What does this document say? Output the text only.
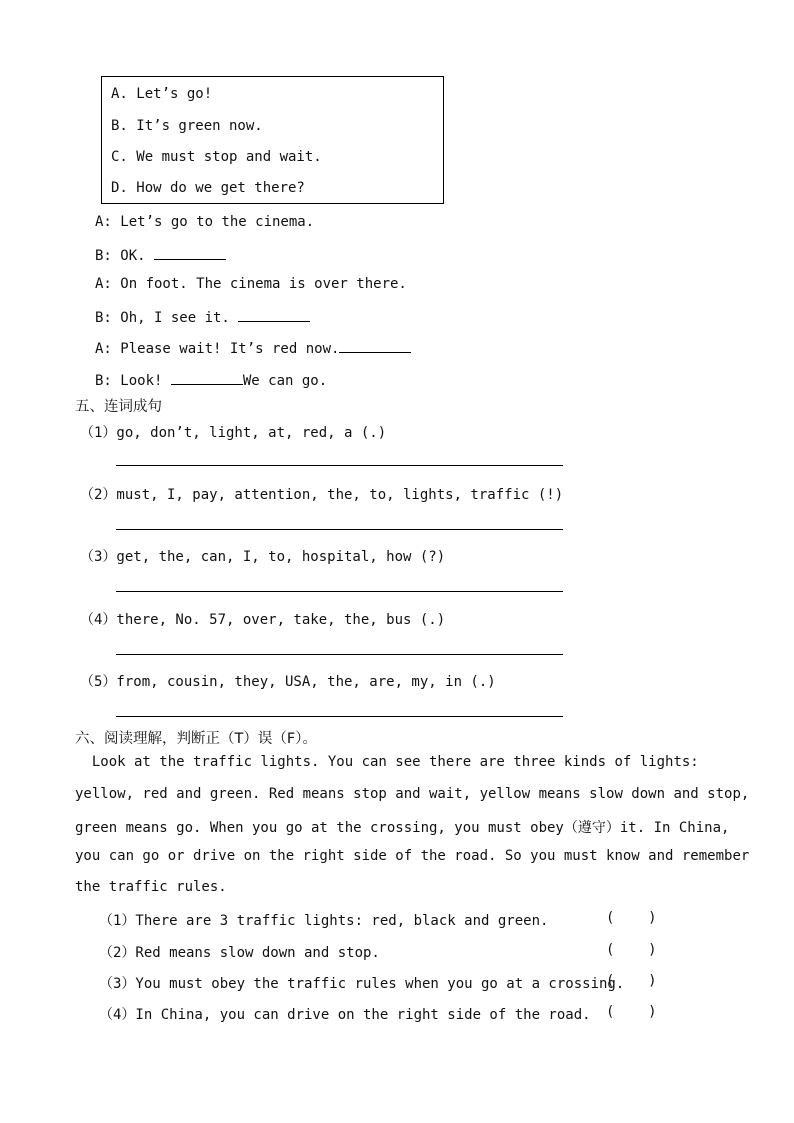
A. Let’s go!
B. It’s green now.
C. We must stop and wait.
D. How do we get there?
A: Let’s go to the cinema.
B: OK.
A: On foot. The cinema is over there.
B: Oh, I see it.
A: Please wait! It’s red now.
B: Look!	We can go.
五、连词成句
（1）go, don’t, light, at, red, a (.)
（2）must, I, pay, attention, the, to, lights, traffic (!)
（3）get, the, can, I, to, hospital, how (?)
（4）there, No. 57, over, take, the, bus (.)
（5）from, cousin, they, USA, the, are, my, in (.)
六、阅读理解，判断正（T）误（F）。
Look at the traffic lights. You can see there are three kinds of lights:
yellow, red and green. Red means stop and wait, yellow means slow down and stop,
green means go. When you go at the crossing, you must obey（遵守）it. In China,
you can go or drive on the right side of the road. So you must know and remember
the traffic rules.
（1）There are 3 traffic lights: red, black and green.	(    )
（2）Red means slow down and stop.	(    )
（3）You must obey the traffic rules when you go at a crossing.
(    )
（4）In China, you can drive on the right side of the road. (    )
